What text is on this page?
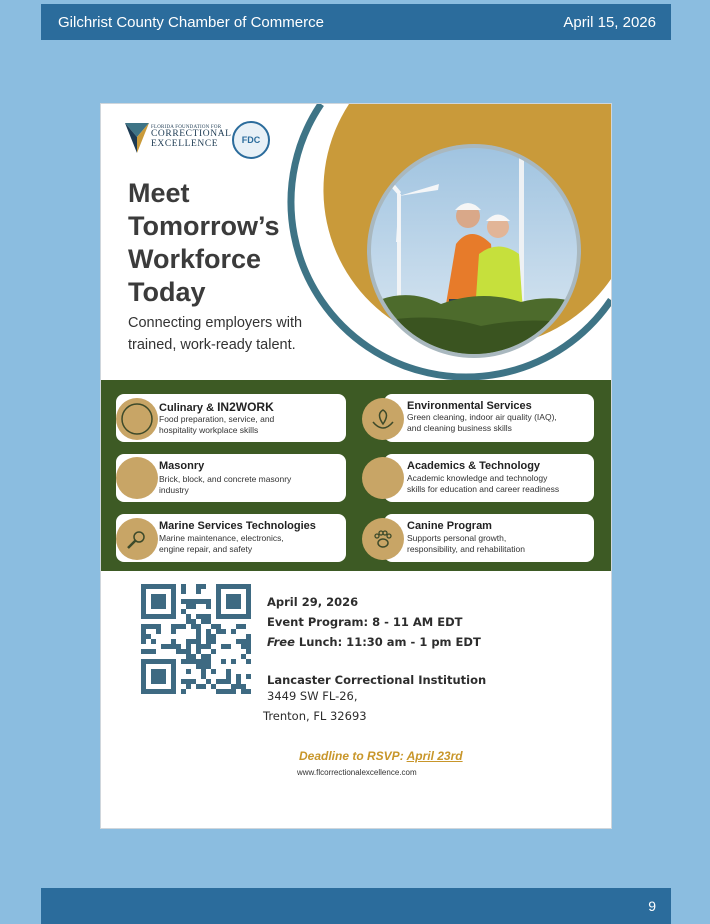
Gilchrist County Chamber of Commerce	April 15, 2026
FLORIDA FOUNDATION FOR
CORRECTIONAL
EXCELLENCE	FDC
Meet
Tomorrow’s
Workforce
Today
Connecting employers with
trained, work-ready talent.
Culinary & IN2WORK
Food preparation, service, and
hospitality workplace skills
Environmental Services
Green cleaning, indoor air quality (IAQ),
and cleaning business skills
Masonry
Brick, block, and concrete masonry
industry
Academics & Technology
Academic knowledge and technology
skills for education and career readiness
Marine Services Technologies
Marine maintenance, electronics,
engine repair, and safety
Canine Program
Supports personal growth,
responsibility, and rehabilitation
April 29, 2026
Event Program: 8 - 11 AM EDT
Free Lunch: 11:30 am - 1 pm EDT
Lancaster Correctional Institution
3449 SW FL-26,
Trenton, FL 32693
Deadline to RSVP: April 23rd
www.flcorrectionalexcellence.com
9
